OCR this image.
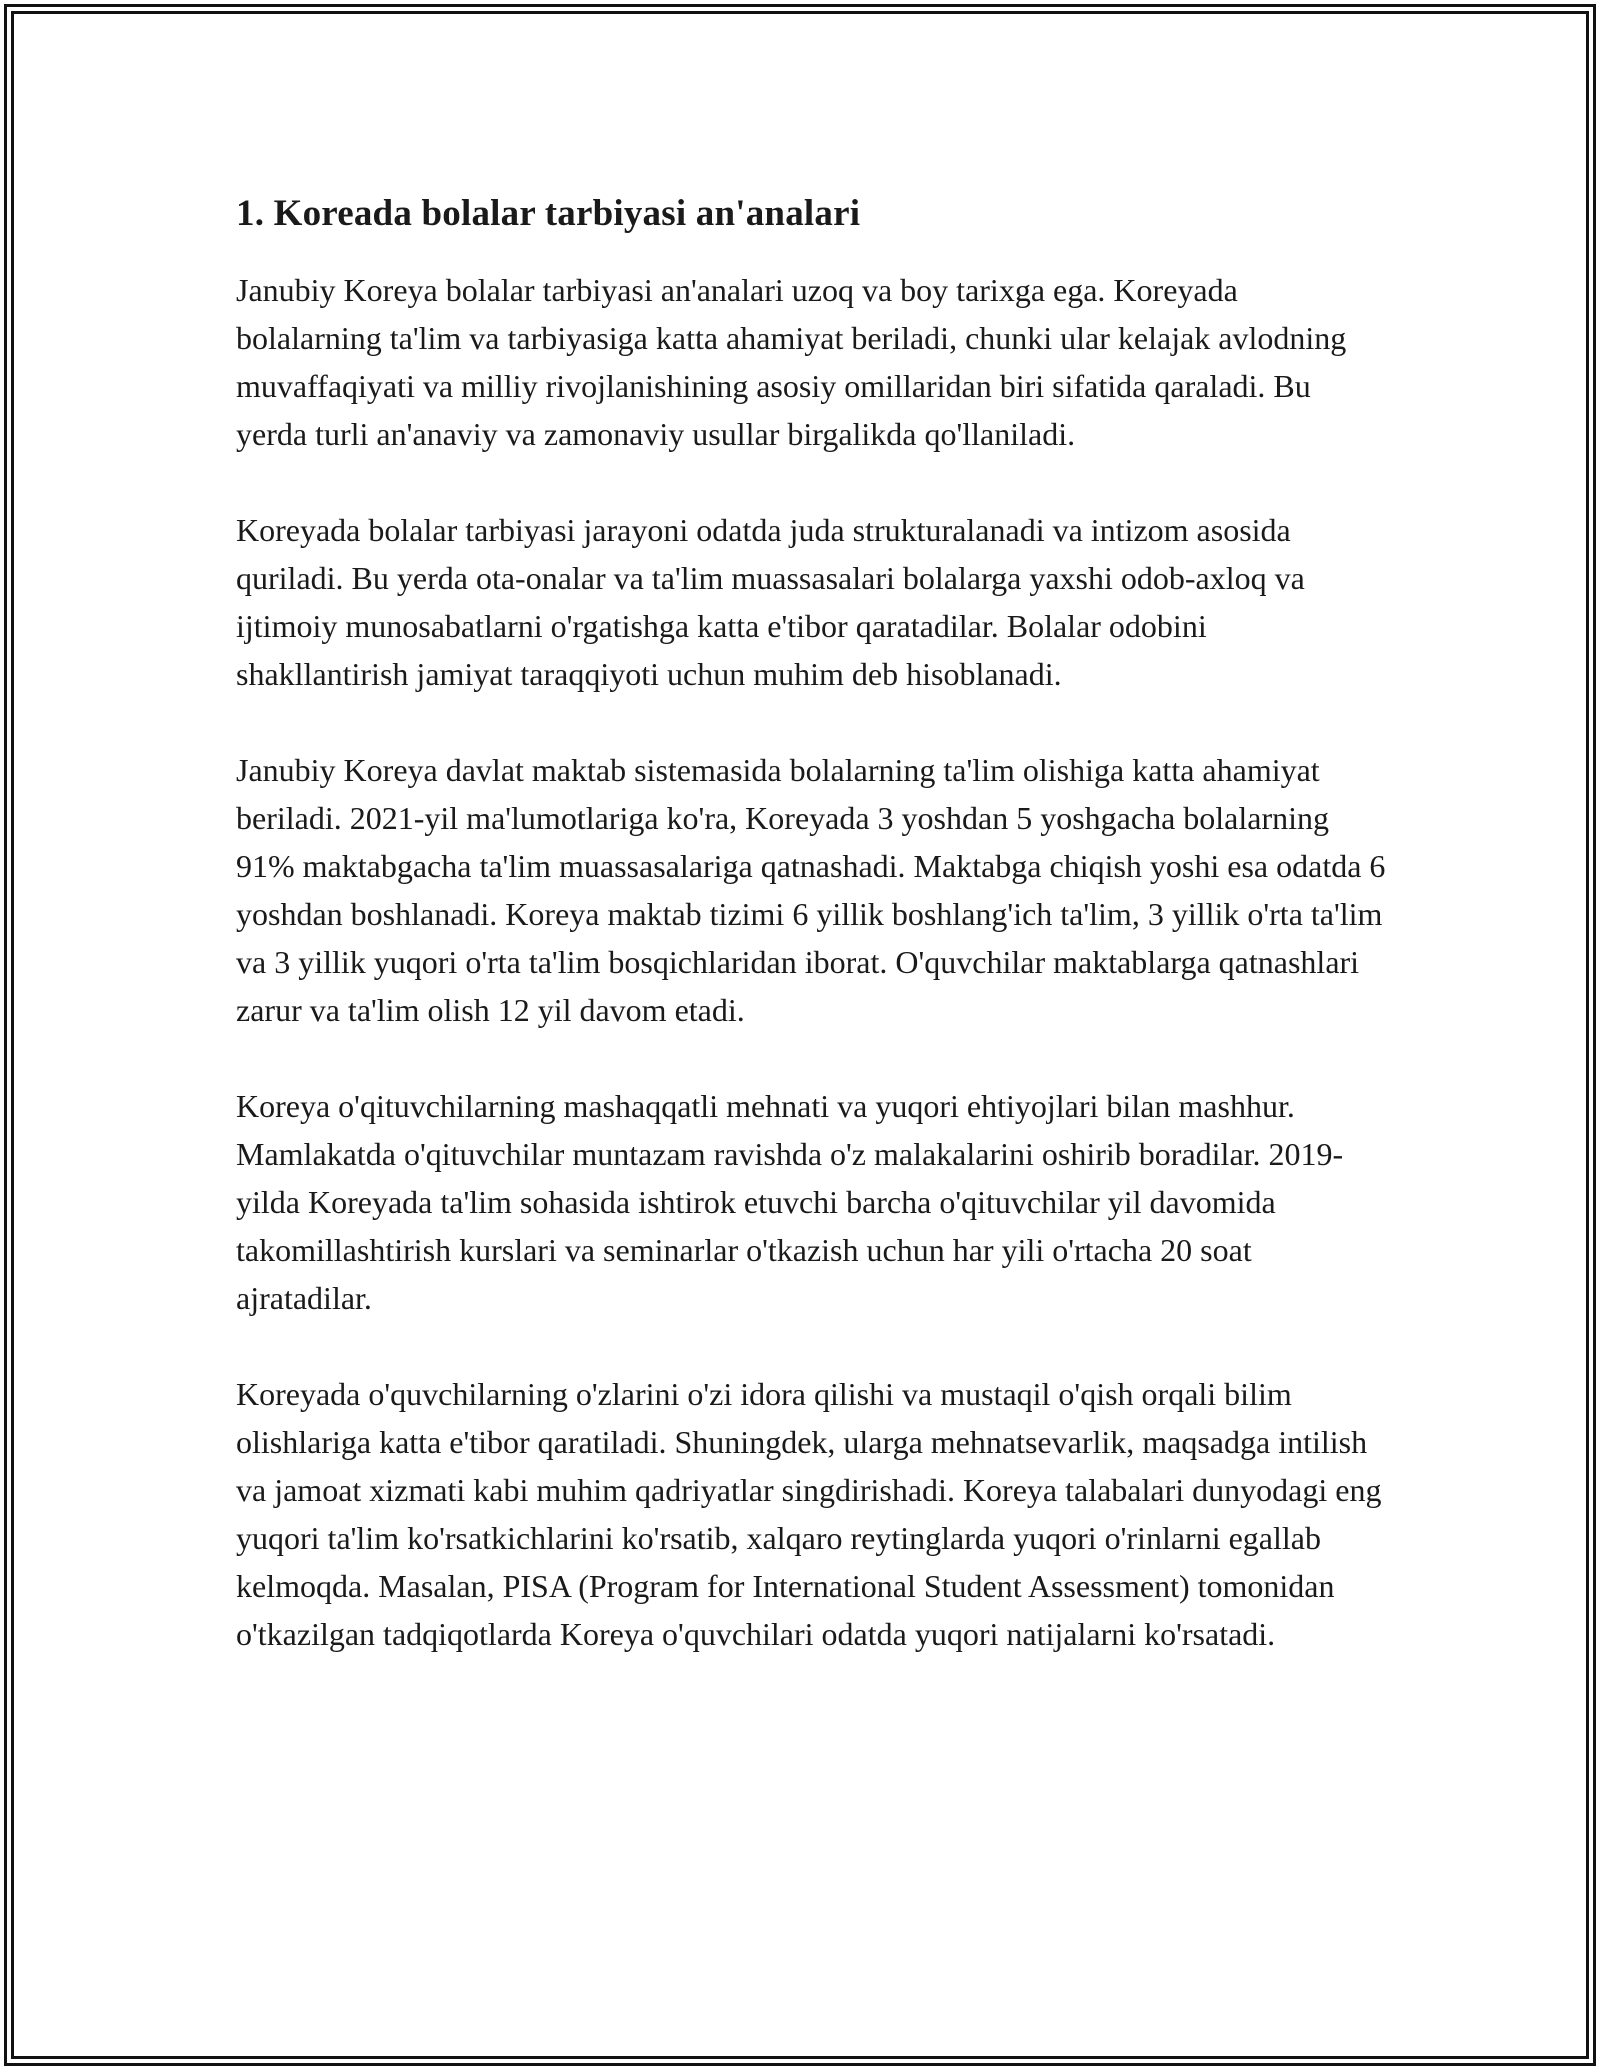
1. Koreada bolalar tarbiyasi an'analari

Janubiy Koreya bolalar tarbiyasi an'analari uzoq va boy tarixga ega. Koreyada bolalarning ta'lim va tarbiyasiga katta ahamiyat beriladi, chunki ular kelajak avlodning muvaffaqiyati va milliy rivojlanishining asosiy omillaridan biri sifatida qaraladi. Bu yerda turli an'anaviy va zamonaviy usullar birgalikda qo'llaniladi.

Koreyada bolalar tarbiyasi jarayoni odatda juda strukturalanadi va intizom asosida quriladi. Bu yerda ota-onalar va ta'lim muassasalari bolalarga yaxshi odob-axloq va ijtimoiy munosabatlarni o'rgatishga katta e'tibor qaratadilar. Bolalar odobini shakllantirish jamiyat taraqqiyoti uchun muhim deb hisoblanadi.

Janubiy Koreya davlat maktab sistemasida bolalarning ta'lim olishiga katta ahamiyat beriladi. 2021-yil ma'lumotlariga ko'ra, Koreyada 3 yoshdan 5 yoshgacha bolalarning 91% maktabgacha ta'lim muassasalariga qatnashadi. Maktabga chiqish yoshi esa odatda 6 yoshdan boshlanadi. Koreya maktab tizimi 6 yillik boshlang'ich ta'lim, 3 yillik o'rta ta'lim va 3 yillik yuqori o'rta ta'lim bosqichlaridan iborat. O'quvchilar maktablarga qatnashlari zarur va ta'lim olish 12 yil davom etadi.

Koreya o'qituvchilarning mashaqqatli mehnati va yuqori ehtiyojlari bilan mashhur. Mamlakatda o'qituvchilar muntazam ravishda o'z malakalarini oshirib boradilar. 2019-yilda Koreyada ta'lim sohasida ishtirok etuvchi barcha o'qituvchilar yil davomida takomillashtirish kurslari va seminarlar o'tkazish uchun har yili o'rtacha 20 soat ajratadilar.

Koreyada o'quvchilarning o'zlarini o'zi idora qilishi va mustaqil o'qish orqali bilim olishlariga katta e'tibor qaratiladi. Shuningdek, ularga mehnatsevarlik, maqsadga intilish va jamoat xizmati kabi muhim qadriyatlar singdirishadi. Koreya talabalari dunyodagi eng yuqori ta'lim ko'rsatkichlarini ko'rsatib, xalqaro reytinglarda yuqori o'rinlarni egallab kelmoqda. Masalan, PISA (Program for International Student Assessment) tomonidan o'tkazilgan tadqiqotlarda Koreya o'quvchilari odatda yuqori natijalarni ko'rsatadi.
